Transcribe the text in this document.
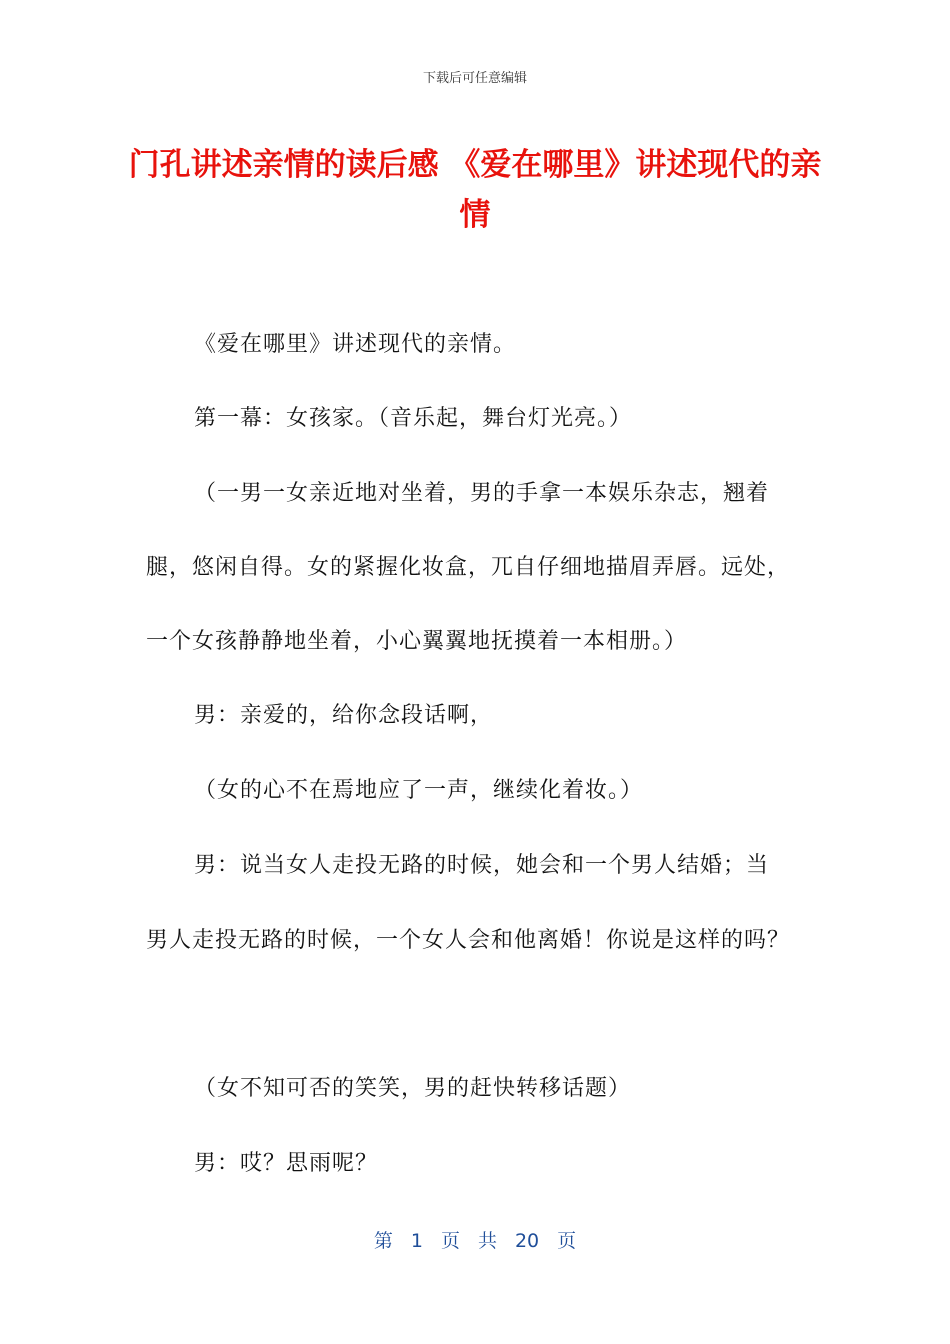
下载后可任意编辑
门孔讲述亲情的读后感 《爱在哪里》讲述现代的亲情

《爱在哪里》讲述现代的亲情。

第一幕：女孩家。（音乐起，舞台灯光亮。）

（一男一女亲近地对坐着，男的手拿一本娱乐杂志，翘着

腿，悠闲自得。女的紧握化妆盒，兀自仔细地描眉弄唇。远处，

一个女孩静静地坐着，小心翼翼地抚摸着一本相册。）

男：亲爱的，给你念段话啊，

（女的心不在焉地应了一声，继续化着妆。）

男：说当女人走投无路的时候，她会和一个男人结婚；当

男人走投无路的时候，一个女人会和他离婚！你说是这样的吗？

（女不知可否的笑笑，男的赶快转移话题）

男：哎？思雨呢？

第 1 页 共 20 页
